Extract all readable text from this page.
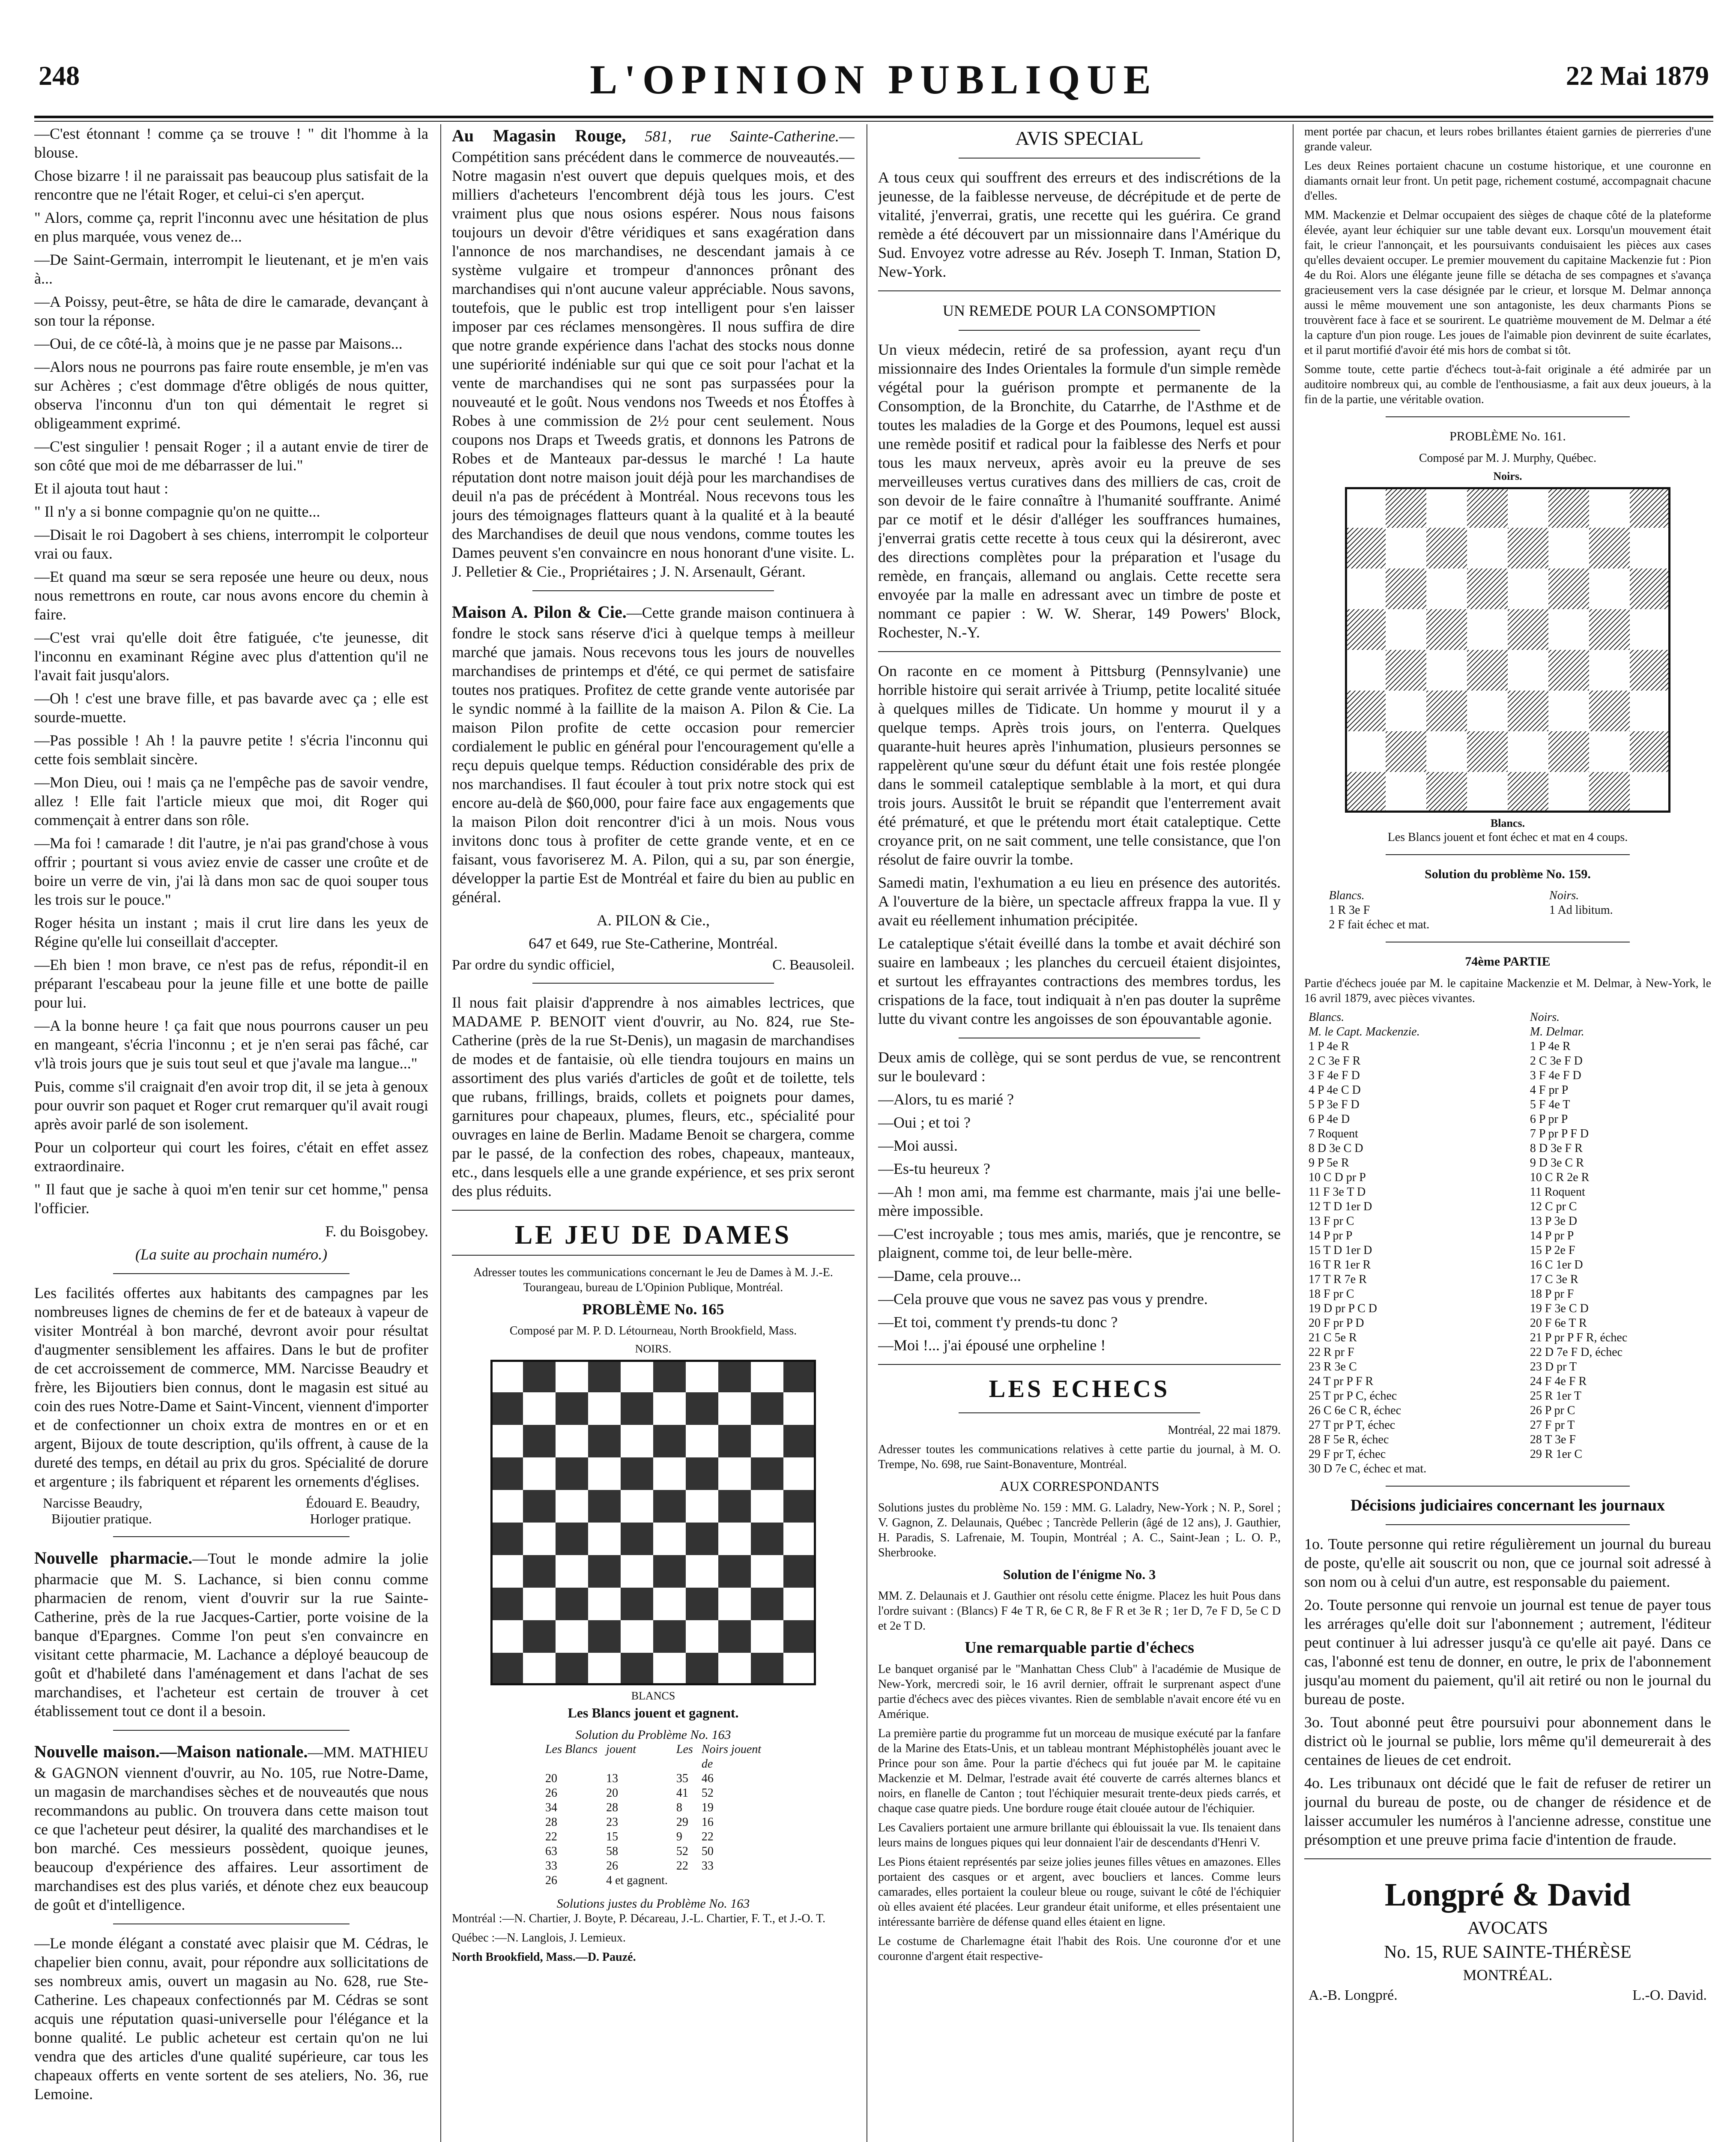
248	L'OPINION PUBLIQUE	22 Mai 1879

—C'est étonnant ! comme ça se trouve ! " dit l'homme à la blouse.

Chose bizarre ! il ne paraissait pas beaucoup plus satisfait de la rencontre que ne l'était Roger, et celui-ci s'en aperçut.

" Alors, comme ça, reprit l'inconnu avec une hésitation de plus en plus marquée, vous venez de...

—De Saint-Germain, interrompit le lieutenant, et je m'en vais à...

—A Poissy, peut-être, se hâta de dire le camarade, devançant à son tour la réponse.

—Oui, de ce côté-là, à moins que je ne passe par Maisons...

—Alors nous ne pourrons pas faire route ensemble, je m'en vas sur Achères ; c'est dommage d'être obligés de nous quitter, observa l'inconnu d'un ton qui démentait le regret si obligeamment exprimé.

—C'est singulier ! pensait Roger ; il a autant envie de tirer de son côté que moi de me débarrasser de lui."

Et il ajouta tout haut :

" Il n'y a si bonne compagnie qu'on ne quitte...

—Disait le roi Dagobert à ses chiens, interrompit le colporteur vrai ou faux.

—Et quand ma sœur se sera reposée une heure ou deux, nous nous remettrons en route, car nous avons encore du chemin à faire.

—C'est vrai qu'elle doit être fatiguée, c'te jeunesse, dit l'inconnu en examinant Régine avec plus d'attention qu'il ne l'avait fait jusqu'alors.

—Oh ! c'est une brave fille, et pas bavarde avec ça ; elle est sourde-muette.

—Pas possible ! Ah ! la pauvre petite ! s'écria l'inconnu qui cette fois semblait sincère.

—Mon Dieu, oui ! mais ça ne l'empêche pas de savoir vendre, allez ! Elle fait l'article mieux que moi, dit Roger qui commençait à entrer dans son rôle.

—Ma foi ! camarade ! dit l'autre, je n'ai pas grand'chose à vous offrir ; pourtant si vous aviez envie de casser une croûte et de boire un verre de vin, j'ai là dans mon sac de quoi souper tous les trois sur le pouce."

Roger hésita un instant ; mais il crut lire dans les yeux de Régine qu'elle lui conseillait d'accepter.

—Eh bien ! mon brave, ce n'est pas de refus, répondit-il en préparant l'escabeau pour la jeune fille et une botte de paille pour lui.

—A la bonne heure ! ça fait que nous pourrons causer un peu en mangeant, s'écria l'inconnu ; et je n'en serai pas fâché, car v'là trois jours que je suis tout seul et que j'avale ma langue..."

Puis, comme s'il craignait d'en avoir trop dit, il se jeta à genoux pour ouvrir son paquet et Roger crut remarquer qu'il avait rougi après avoir parlé de son isolement.

Pour un colporteur qui court les foires, c'était en effet assez extraordinaire.

" Il faut que je sache à quoi m'en tenir sur cet homme," pensa l'officier.

F. du Boisgobey.

(La suite au prochain numéro.)

Les facilités offertes aux habitants des campagnes par les nombreuses lignes de chemins de fer et de bateaux à vapeur de visiter Montréal à bon marché, devront avoir pour résultat d'augmenter sensiblement les affaires. Dans le but de profiter de cet accroissement de commerce, MM. Narcisse Beaudry et frère, les Bijoutiers bien connus, dont le magasin est situé au coin des rues Notre-Dame et Saint-Vincent, viennent d'importer et de confectionner un choix extra de montres en or et en argent, Bijoux de toute description, qu'ils offrent, à cause de la dureté des temps, en détail au prix du gros. Spécialité de dorure et argenture ; ils fabriquent et réparent les ornements d'églises.

Narcisse Beaudry,	Édouard E. Beaudry,
Bijoutier pratique.	Horloger pratique.

Nouvelle pharmacie.—Tout le monde admire la jolie pharmacie que M. S. Lachance, si bien connu comme pharmacien de renom, vient d'ouvrir sur la rue Sainte-Catherine, près de la rue Jacques-Cartier, porte voisine de la banque d'Epargnes. Comme l'on peut s'en convaincre en visitant cette pharmacie, M. Lachance a déployé beaucoup de goût et d'habileté dans l'aménagement et dans l'achat de ses marchandises, et l'acheteur est certain de trouver à cet établissement tout ce dont il a besoin.

Nouvelle maison.—Maison nationale.—MM. MATHIEU & GAGNON viennent d'ouvrir, au No. 105, rue Notre-Dame, un magasin de marchandises sèches et de nouveautés que nous recommandons au public. On trouvera dans cette maison tout ce que l'acheteur peut désirer, la qualité des marchandises et le bon marché. Ces messieurs possèdent, quoique jeunes, beaucoup d'expérience des affaires. Leur assortiment de marchandises est des plus variés, et dénote chez eux beaucoup de goût et d'intelligence.

—Le monde élégant a constaté avec plaisir que M. Cédras, le chapelier bien connu, avait, pour répondre aux sollicitations de ses nombreux amis, ouvert un magasin au No. 628, rue Ste-Catherine. Les chapeaux confectionnés par M. Cédras se sont acquis une réputation quasi-universelle pour l'élégance et la bonne qualité. Le public acheteur est certain qu'on ne lui vendra que des articles d'une qualité supérieure, car tous les chapeaux offerts en vente sortent de ses ateliers, No. 36, rue Lemoine.

Au Magasin Rouge, 581, rue Sainte-Catherine.—Compétition sans précédent dans le commerce de nouveautés.—Notre magasin n'est ouvert que depuis quelques mois, et des milliers d'acheteurs l'encombrent déjà tous les jours. C'est vraiment plus que nous osions espérer. Nous nous faisons toujours un devoir d'être véridiques et sans exagération dans l'annonce de nos marchandises, ne descendant jamais à ce système vulgaire et trompeur d'annonces prônant des marchandises qui n'ont aucune valeur appréciable. Nous savons, toutefois, que le public est trop intelligent pour s'en laisser imposer par ces réclames mensongères. Il nous suffira de dire que notre grande expérience dans l'achat des stocks nous donne une supériorité indéniable sur qui que ce soit pour l'achat et la vente de marchandises qui ne sont pas surpassées pour la nouveauté et le goût. Nous vendons nos Tweeds et nos Étoffes à Robes à une commission de 2½ pour cent seulement. Nous coupons nos Draps et Tweeds gratis, et donnons les Patrons de Robes et de Manteaux par-dessus le marché ! La haute réputation dont notre maison jouit déjà pour les marchandises de deuil n'a pas de précédent à Montréal. Nous recevons tous les jours des témoignages flatteurs quant à la qualité et à la beauté des Marchandises de deuil que nous vendons, comme toutes les Dames peuvent s'en convaincre en nous honorant d'une visite. L. J. Pelletier & Cie., Propriétaires ; J. N. Arsenault, Gérant.

Maison A. Pilon & Cie.—Cette grande maison continuera à fondre le stock sans réserve d'ici à quelque temps à meilleur marché que jamais. Nous recevons tous les jours de nouvelles marchandises de printemps et d'été, ce qui permet de satisfaire toutes nos pratiques. Profitez de cette grande vente autorisée par le syndic nommé à la faillite de la maison A. Pilon & Cie. La maison Pilon profite de cette occasion pour remercier cordialement le public en général pour l'encouragement qu'elle a reçu depuis quelque temps. Réduction considérable des prix de nos marchandises. Il faut écouler à tout prix notre stock qui est encore au-delà de $60,000, pour faire face aux engagements que la maison Pilon doit rencontrer d'ici à un mois. Nous vous invitons donc tous à profiter de cette grande vente, et en ce faisant, vous favoriserez M. A. Pilon, qui a su, par son énergie, développer la partie Est de Montréal et faire du bien au public en général.

A. PILON & Cie.,

647 et 649, rue Ste-Catherine, Montréal.

Par ordre du syndic officiel,	C. Beausoleil.

Il nous fait plaisir d'apprendre à nos aimables lectrices, que MADAME P. BENOIT vient d'ouvrir, au No. 824, rue Ste-Catherine (près de la rue St-Denis), un magasin de marchandises de modes et de fantaisie, où elle tiendra toujours en mains un assortiment des plus variés d'articles de goût et de toilette, tels que rubans, frillings, braids, collets et poignets pour dames, garnitures pour chapeaux, plumes, fleurs, etc., spécialité pour ouvrages en laine de Berlin. Madame Benoit se chargera, comme par le passé, de la confection des robes, chapeaux, manteaux, etc., dans lesquels elle a une grande expérience, et ses prix seront des plus réduits.

LE JEU DE DAMES

Adresser toutes les communications concernant le Jeu de Dames à M. J.-E. Tourangeau, bureau de L'Opinion Publique, Montréal.

PROBLÈME No. 165

Composé par M. P. D. Létourneau, North Brookfield, Mass.

NOIRS.
BLANCS
Les Blancs jouent et gagnent.
Solution du Problème No. 163
Les Blancs	jouent	Les	Noirs jouent
			de
20	13	35	46
26	20	41	52
34	28	8	19
28	23	29	16
22	15	9	22
63	58	52	50
33	26	22	33
26	4 et gagnent.		
Solutions justes du Problème No. 163

Montréal :—N. Chartier, J. Boyte, P. Décareau, J.-L. Chartier, F. T., et J.-O. T.

Québec :—N. Langlois, J. Lemieux.

North Brookfield, Mass.—D. Pauzé.

AVIS SPECIAL

A tous ceux qui souffrent des erreurs et des indiscrétions de la jeunesse, de la faiblesse nerveuse, de décrépitude et de perte de vitalité, j'enverrai, gratis, une recette qui les guérira. Ce grand remède a été découvert par un missionnaire dans l'Amérique du Sud. Envoyez votre adresse au Rév. Joseph T. Inman, Station D, New-York.

UN REMEDE POUR LA CONSOMPTION

Un vieux médecin, retiré de sa profession, ayant reçu d'un missionnaire des Indes Orientales la formule d'un simple remède végétal pour la guérison prompte et permanente de la Consomption, de la Bronchite, du Catarrhe, de l'Asthme et de toutes les maladies de la Gorge et des Poumons, lequel est aussi une remède positif et radical pour la faiblesse des Nerfs et pour tous les maux nerveux, après avoir eu la preuve de ses merveilleuses vertus curatives dans des milliers de cas, croit de son devoir de le faire connaître à l'humanité souffrante. Animé par ce motif et le désir d'alléger les souffrances humaines, j'enverrai gratis cette recette à tous ceux qui la désireront, avec des directions complètes pour la préparation et l'usage du remède, en français, allemand ou anglais. Cette recette sera envoyée par la malle en adressant avec un timbre de poste et nommant ce papier : W. W. Sherar, 149 Powers' Block, Rochester, N.-Y.

On raconte en ce moment à Pittsburg (Pennsylvanie) une horrible histoire qui serait arrivée à Triump, petite localité située à quelques milles de Tidicate. Un homme y mourut il y a quelque temps. Après trois jours, on l'enterra. Quelques quarante-huit heures après l'inhumation, plusieurs personnes se rappelèrent qu'une sœur du défunt était une fois restée plongée dans le sommeil cataleptique semblable à la mort, et qui dura trois jours. Aussitôt le bruit se répandit que l'enterrement avait été prématuré, et que le prétendu mort était cataleptique. Cette croyance prit, on ne sait comment, une telle consistance, que l'on résolut de faire ouvrir la tombe.

Samedi matin, l'exhumation a eu lieu en présence des autorités. A l'ouverture de la bière, un spectacle affreux frappa la vue. Il y avait eu réellement inhumation précipitée.

Le cataleptique s'était éveillé dans la tombe et avait déchiré son suaire en lambeaux ; les planches du cercueil étaient disjointes, et surtout les effrayantes contractions des membres tordus, les crispations de la face, tout indiquait à n'en pas douter la suprême lutte du vivant contre les angoisses de son épouvantable agonie.

Deux amis de collège, qui se sont perdus de vue, se rencontrent sur le boulevard :

—Alors, tu es marié ?

—Oui ; et toi ?

—Moi aussi.

—Es-tu heureux ?

—Ah ! mon ami, ma femme est charmante, mais j'ai une belle-mère impossible.

—C'est incroyable ; tous mes amis, mariés, que je rencontre, se plaignent, comme toi, de leur belle-mère.

—Dame, cela prouve...

—Cela prouve que vous ne savez pas vous y prendre.

—Et toi, comment t'y prends-tu donc ?

—Moi !... j'ai épousé une orpheline !

LES ECHECS

Montréal, 22 mai 1879.

Adresser toutes les communications relatives à cette partie du journal, à M. O. Trempe, No. 698, rue Saint-Bonaventure, Montréal.

AUX CORRESPONDANTS

Solutions justes du problème No. 159 : MM. G. Laladry, New-York ; N. P., Sorel ; V. Gagnon, Z. Delaunais, Québec ; Tancrède Pellerin (âgé de 12 ans), J. Gauthier, H. Paradis, S. Lafrenaie, M. Toupin, Montréal ; A. C., Saint-Jean ; L. O. P., Sherbrooke.

Solution de l'énigme No. 3

MM. Z. Delaunais et J. Gauthier ont résolu cette énigme. Placez les huit Pous dans l'ordre suivant : (Blancs) F 4e T R, 6e C R, 8e F R et 3e R ; 1er D, 7e F D, 5e C D et 2e T D.

Une remarquable partie d'échecs

Le banquet organisé par le "Manhattan Chess Club" à l'académie de Musique de New-York, mercredi soir, le 16 avril dernier, offrait le surprenant aspect d'une partie d'échecs avec des pièces vivantes. Rien de semblable n'avait encore été vu en Amérique.

La première partie du programme fut un morceau de musique exécuté par la fanfare de la Marine des Etats-Unis, et un tableau montrant Méphistophélès jouant avec le Prince pour son âme. Pour la partie d'échecs qui fut jouée par M. le capitaine Mackenzie et M. Delmar, l'estrade avait été couverte de carrés alternes blancs et noirs, en flanelle de Canton ; tout l'échiquier mesurait trente-deux pieds carrés, et chaque case quatre pieds. Une bordure rouge était clouée autour de l'échiquier.

Les Cavaliers portaient une armure brillante qui éblouissait la vue. Ils tenaient dans leurs mains de longues piques qui leur donnaient l'air de descendants d'Henri V.

Les Pions étaient représentés par seize jolies jeunes filles vêtues en amazones. Elles portaient des casques or et argent, avec boucliers et lances. Comme leurs camarades, elles portaient la couleur bleue ou rouge, suivant le côté de l'échiquier où elles avaient été placées. Leur grandeur était uniforme, et elles présentaient une intéressante barrière de défense quand elles étaient en ligne.

Le costume de Charlemagne était l'habit des Rois. Une couronne d'or et une couronne d'argent était respective-

ment portée par chacun, et leurs robes brillantes étaient garnies de pierreries d'une grande valeur.

Les deux Reines portaient chacune un costume historique, et une couronne en diamants ornait leur front. Un petit page, richement costumé, accompagnait chacune d'elles.

MM. Mackenzie et Delmar occupaient des sièges de chaque côté de la plateforme élevée, ayant leur échiquier sur une table devant eux. Lorsqu'un mouvement était fait, le crieur l'annonçait, et les poursuivants conduisaient les pièces aux cases qu'elles devaient occuper. Le premier mouvement du capitaine Mackenzie fut : Pion 4e du Roi. Alors une élégante jeune fille se détacha de ses compagnes et s'avança gracieusement vers la case désignée par le crieur, et lorsque M. Delmar annonça aussi le même mouvement une son antagoniste, les deux charmants Pions se trouvèrent face à face et se sourirent. Le quatrième mouvement de M. Delmar a été la capture d'un pion rouge. Les joues de l'aimable pion devinrent de suite écarlates, et il parut mortifié d'avoir été mis hors de combat si tôt.

Somme toute, cette partie d'échecs tout-à-fait originale a été admirée par un auditoire nombreux qui, au comble de l'enthousiasme, a fait aux deux joueurs, à la fin de la partie, une véritable ovation.

PROBLÈME No. 161.

Composé par M. J. Murphy, Québec.

Noirs.
Blancs.

Les Blancs jouent et font échec et mat en 4 coups.

Solution du problème No. 159.
Blancs.	Noirs.
1 R 3e F	1 Ad libitum.
2 F fait échec et mat.	
74ème PARTIE

Partie d'échecs jouée par M. le capitaine Mackenzie et M. Delmar, à New-York, le 16 avril 1879, avec pièces vivantes.

Blancs.	Noirs.
M. le Capt. Mackenzie.	M. Delmar.
1 P 4e R	1 P 4e R
2 C 3e F R	2 C 3e F D
3 F 4e F D	3 F 4e F D
4 P 4e C D	4 F pr P
5 P 3e F D	5 F 4e T
6 P 4e D	6 P pr P
7 Roquent	7 P pr P F D
8 D 3e C D	8 D 3e F R
9 P 5e R	9 D 3e C R
10 C D pr P	10 C R 2e R
11 F 3e T D	11 Roquent
12 T D 1er D	12 C pr C
13 F pr C	13 P 3e D
14 P pr P	14 P pr P
15 T D 1er D	15 P 2e F
16 T R 1er R	16 C 1er D
17 T R 7e R	17 C 3e R
18 F pr C	18 P pr F
19 D pr P C D	19 F 3e C D
20 F pr P D	20 F 6e T R
21 C 5e R	21 P pr P F R, échec
22 R pr F	22 D 7e F D, échec
23 R 3e C	23 D pr T
24 T pr P F R	24 F 4e F R
25 T pr P C, échec	25 R 1er T
26 C 6e C R, échec	26 P pr C
27 T pr P T, échec	27 F pr T
28 F 5e R, échec	28 T 3e F
29 F pr T, échec	29 R 1er C
30 D 7e C, échec et mat.	
Décisions judiciaires concernant les journaux

1o. Toute personne qui retire régulièrement un journal du bureau de poste, qu'elle ait souscrit ou non, que ce journal soit adressé à son nom ou à celui d'un autre, est responsable du paiement.

2o. Toute personne qui renvoie un journal est tenue de payer tous les arrérages qu'elle doit sur l'abonnement ; autrement, l'éditeur peut continuer à lui adresser jusqu'à ce qu'elle ait payé. Dans ce cas, l'abonné est tenu de donner, en outre, le prix de l'abonnement jusqu'au moment du paiement, qu'il ait retiré ou non le journal du bureau de poste.

3o. Tout abonné peut être poursuivi pour abonnement dans le district où le journal se publie, lors même qu'il demeurerait à des centaines de lieues de cet endroit.

4o. Les tribunaux ont décidé que le fait de refuser de retirer un journal du bureau de poste, ou de changer de résidence et de laisser accumuler les numéros à l'ancienne adresse, constitue une présomption et une preuve prima facie d'intention de fraude.

Longpré & David
AVOCATS
No. 15, RUE SAINTE-THÉRÈSE
MONTRÉAL.
A.-B. Longpré.	L.-O. David.
